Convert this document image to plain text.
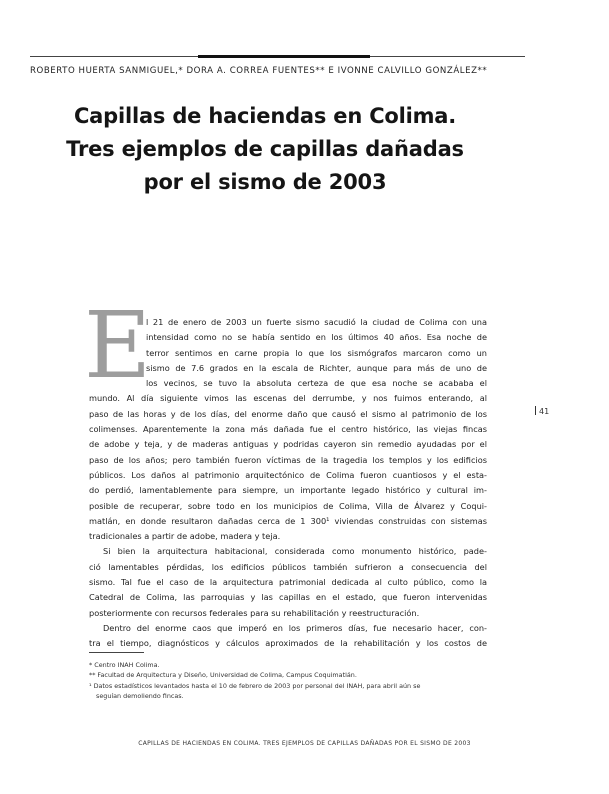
ROBERTO HUERTA SANMIGUEL,* DORA A. CORREA FUENTES** E IVONNE CALVILLO GONZÁLEZ**
Capillas de haciendas en Colima.
Tres ejemplos de capillas dañadas
por el sismo de 2003
E
l 21 de enero de 2003 un fuerte sismo sacudió la ciudad de Colima con una
intensidad como no se había sentido en los últimos 40 años. Esa noche de
terror sentimos en carne propia lo que los sismógrafos marcaron como un
sismo de 7.6 grados en la escala de Richter, aunque para más de uno de
los vecinos, se tuvo la absoluta certeza de que esa noche se acababa el
mundo. Al día siguiente vimos las escenas del derrumbe, y nos fuimos enterando, al
paso de las horas y de los días, del enorme daño que causó el sismo al patrimonio de los
colimenses. Aparentemente la zona más dañada fue el centro histórico, las viejas fincas
de adobe y teja, y de maderas antiguas y podridas cayeron sin remedio ayudadas por el
paso de los años; pero también fueron víctimas de la tragedia los templos y los edificios
públicos. Los daños al patrimonio arquitectónico de Colima fueron cuantiosos y el esta-
do perdió, lamentablemente para siempre, un importante legado histórico y cultural im-
posible de recuperar, sobre todo en los municipios de Colima, Villa de Álvarez y Coqui-
matlán, en donde resultaron dañadas cerca de 1 300¹ viviendas construidas con sistemas
tradicionales a partir de adobe, madera y teja.
Si bien la arquitectura habitacional, considerada como monumento histórico, pade-
ció lamentables pérdidas, los edificios públicos también sufrieron a consecuencia del
sismo. Tal fue el caso de la arquitectura patrimonial dedicada al culto público, como la
Catedral de Colima, las parroquias y las capillas en el estado, que fueron intervenidas
posteriormente con recursos federales para su rehabilitación y reestructuración.
Dentro del enorme caos que imperó en los primeros días, fue necesario hacer, con-
tra el tiempo, diagnósticos y cálculos aproximados de la rehabilitación y los costos de
41
* Centro INAH Colima.
** Facultad de Arquitectura y Diseño, Universidad de Colima, Campus Coquimatlán.
¹ Datos estadísticos levantados hasta el 10 de febrero de 2003 por personal del INAH, para abril aún se
seguían demoliendo fincas.
CAPILLAS DE HACIENDAS EN COLIMA. TRES EJEMPLOS DE CAPILLAS DAÑADAS POR EL SISMO DE 2003
